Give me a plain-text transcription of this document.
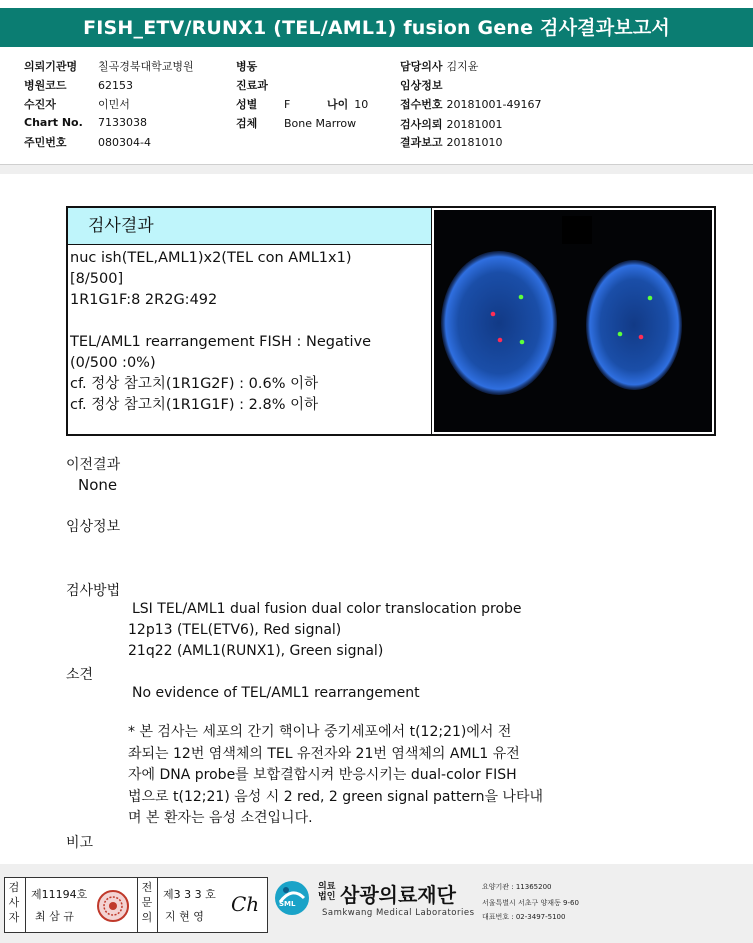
FISH_ETV/RUNX1 (TEL/AML1) fusion Gene 검사결과보고서
의뢰기관명 칠곡경북대학교병원
병원코드	62153
수진자	이민서
Chart No. 7133038
주민번호	080304-4
병동
진료과
성별 F	나이 10
검체 Bone Marrow
담당의사 김지윤
임상정보
접수번호 20181001-49167
검사의뢰 20181001
결과보고 20181010
검사결과
nuc ish(TEL,AML1)x2(TEL con AML1x1)
[8/500]
1R1G1F:8 2R2G:492
TEL/AML1 rearrangement FISH : Negative
(0/500 :0%)
cf. 정상 참고치(1R1G2F) : 0.6% 이하
cf. 정상 참고치(1R1G1F) : 2.8% 이하
이전결과
None
임상정보
검사방법
LSI TEL/AML1 dual fusion dual color translocation probe
12p13 (TEL(ETV6), Red signal)
21q22 (AML1(RUNX1), Green signal)
소견
No evidence of TEL/AML1 rearrangement
* 본 검사는 세포의 간기 핵이나 중기세포에서 t(12;21)에서 전
좌되는 12번 염색체의 TEL 유전자와 21번 염색체의 AML1 유전
자에 DNA probe를 보합결합시켜 반응시키는 dual-color FISH
법으로 t(12;21) 음성 시 2 red, 2 green signal pattern을 나타내
며 본 환자는 음성 소견입니다.
비고
검
사
자
제11194호
최 삼 규
전
문
의
제3 3 3 호
지 현 영
Ch	SML
의료
법인 삼광의료재단
Samkwang Medical Laboratories
요양기관 : 11365200
서울특별시 서초구 양재동 9-60
대표번호 : 02-3497-5100
